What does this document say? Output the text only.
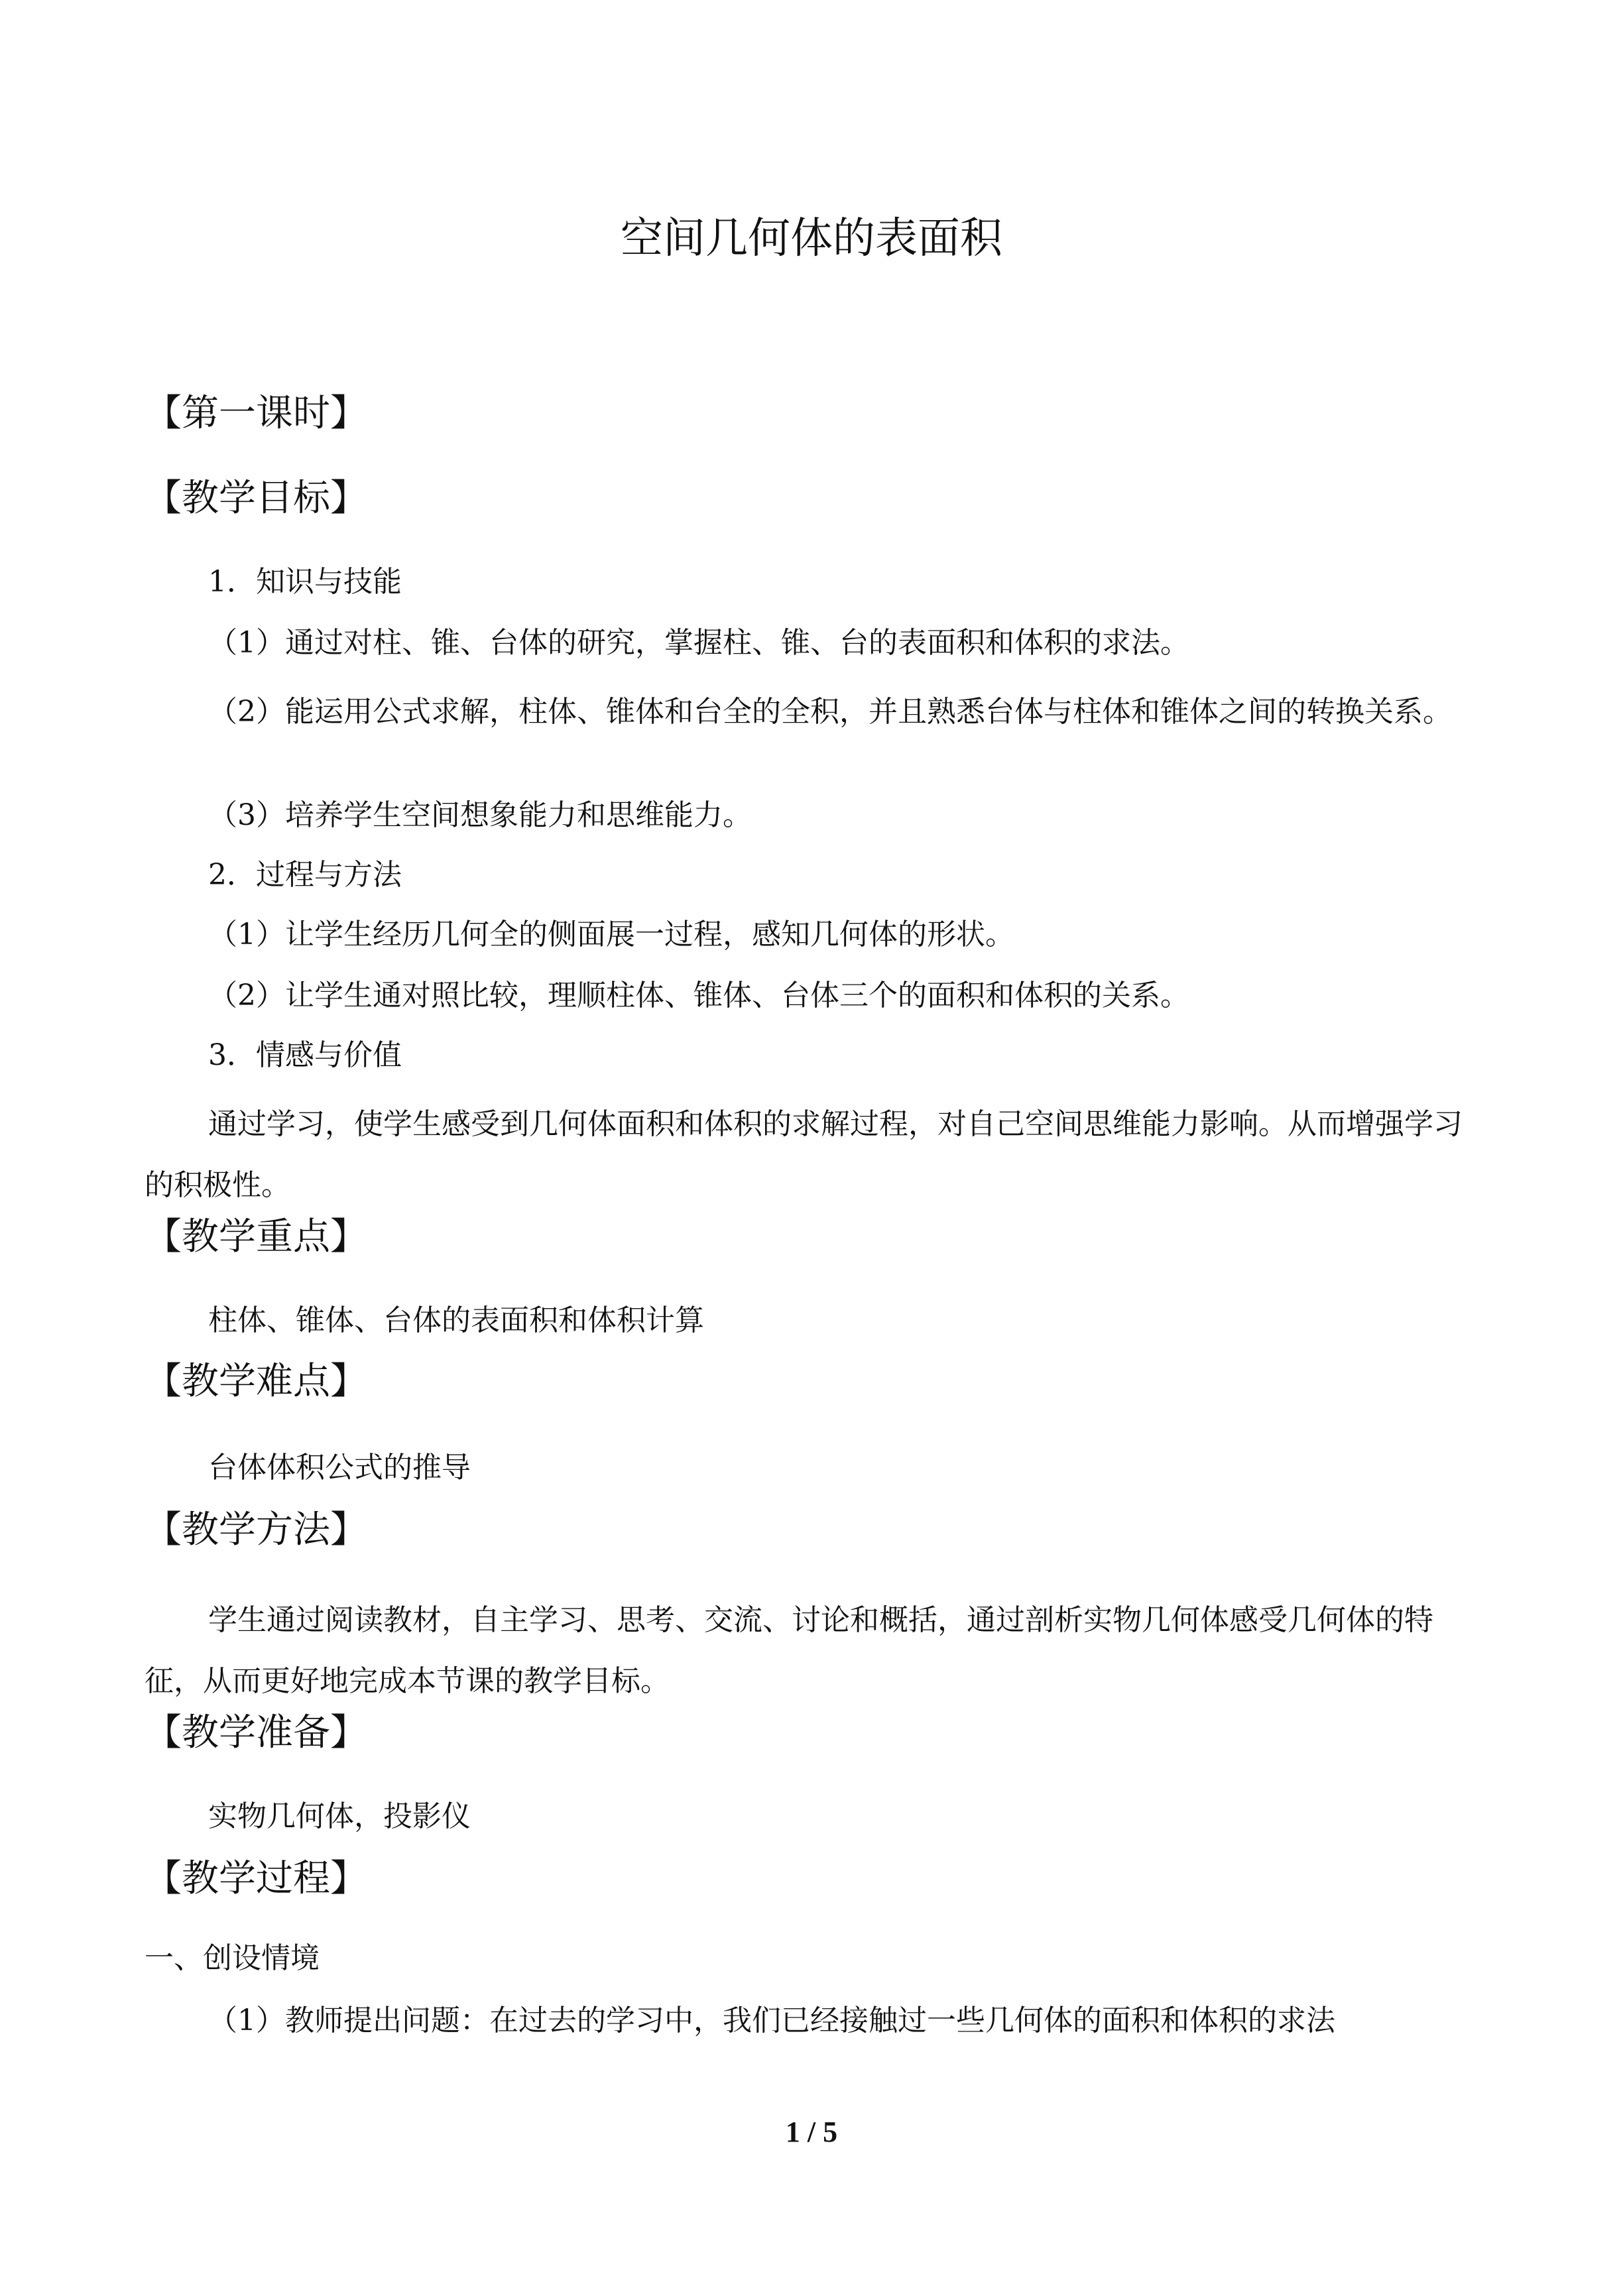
空间几何体的表面积
【第一课时】
【教学目标】
1．知识与技能
（1）通过对柱、锥、台体的研究，掌握柱、锥、台的表面积和体积的求法。
（2）能运用公式求解，柱体、锥体和台全的全积，并且熟悉台体与柱体和锥体之间的转换关系。
（3）培养学生空间想象能力和思维能力。
2．过程与方法
（1）让学生经历几何全的侧面展一过程，感知几何体的形状。
（2）让学生通对照比较，理顺柱体、锥体、台体三个的面积和体积的关系。
3．情感与价值
通过学习，使学生感受到几何体面积和体积的求解过程，对自己空间思维能力影响。从而增强学习的积极性。
【教学重点】
柱体、锥体、台体的表面积和体积计算
【教学难点】
台体体积公式的推导
【教学方法】
学生通过阅读教材，自主学习、思考、交流、讨论和概括，通过剖析实物几何体感受几何体的特征，从而更好地完成本节课的教学目标。
【教学准备】
实物几何体，投影仪
【教学过程】
一、创设情境
（1）教师提出问题：在过去的学习中，我们已经接触过一些几何体的面积和体积的求法
1 / 5
